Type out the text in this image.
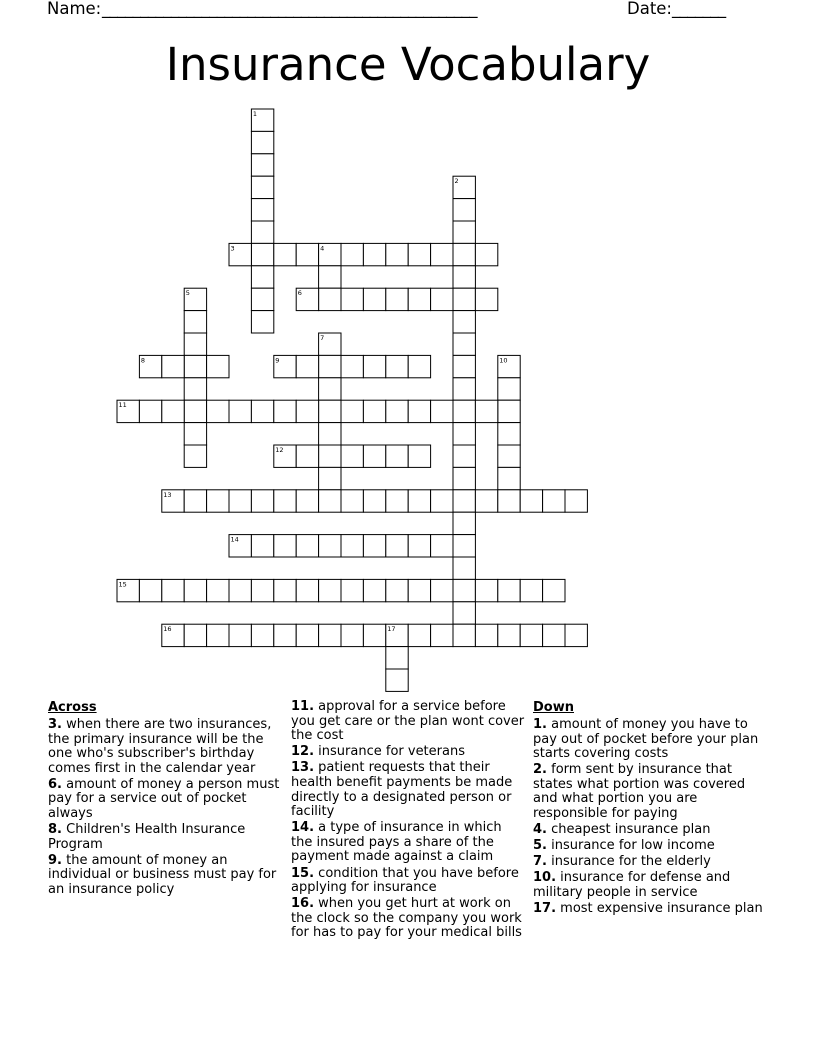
Name: _________________________________________________	Date: _______
Insurance Vocabulary
1
2
3	4
5	6
7
8	9	10
11
12
13
14
15
16	17
Across
3. when there are two insurances, the primary insurance will be the one who's subscriber's birthday comes first in the calendar year
6. amount of money a person must pay for a service out of pocket always
8. Children's Health Insurance Program
9. the amount of money an individual or business must pay for an insurance policy
11. approval for a service before you get care or the plan wont cover the cost
12. insurance for veterans
13. patient requests that their health benefit payments be made directly to a designated person or facility
14. a type of insurance in which the insured pays a share of the payment made against a claim
15. condition that you have before applying for insurance
16. when you get hurt at work on the clock so the company you work for has to pay for your medical bills
Down
1. amount of money you have to pay out of pocket before your plan starts covering costs
2. form sent by insurance that states what portion was covered and what portion you are responsible for paying
4. cheapest insurance plan
5. insurance for low income
7. insurance for the elderly
10. insurance for defense and military people in service
17. most expensive insurance plan
